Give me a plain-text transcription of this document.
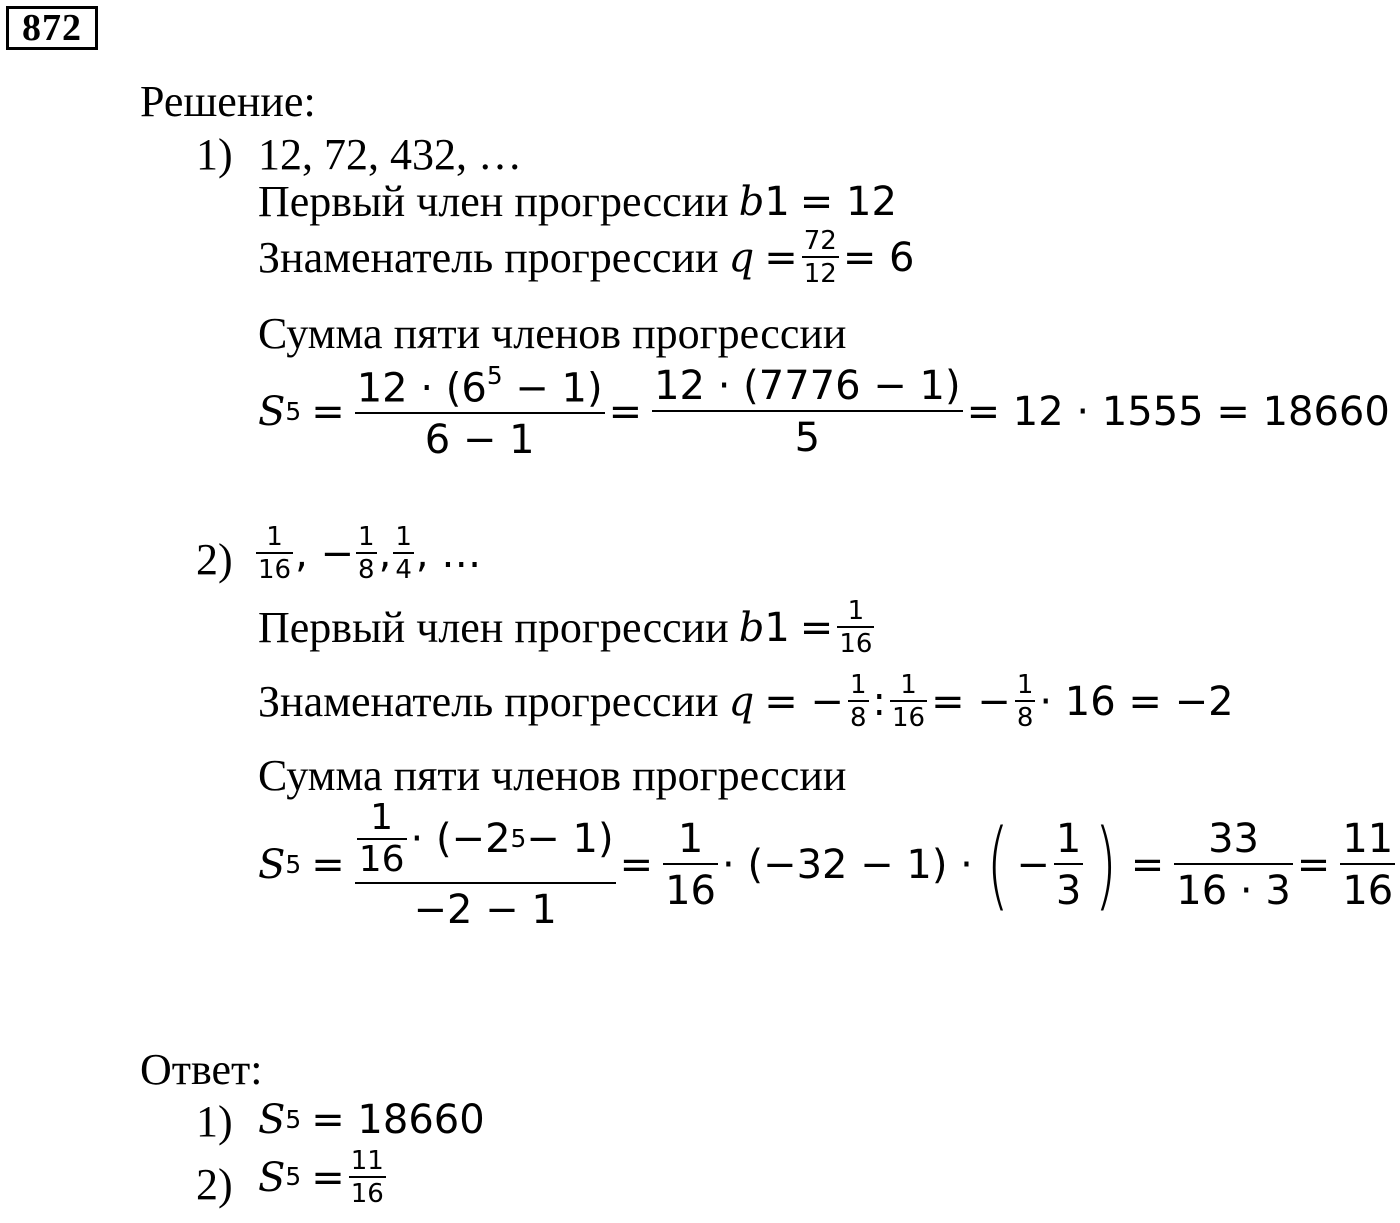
872
Решение:
1) 12, 72, 432, …
Первый член прогрессии b 1 = 12
Знаменатель прогрессии $q = \frac{72}{12} = 6$
Сумма пяти членов прогрессии
S $5 = \frac{12 \cdot (6^5 - 1)}{6 - 1} = \frac{12 \cdot (7776 - 1)}{5} = 12 \cdot 1555 = 18660$
$2) \frac{1}{16}$ , − $\frac{1}{8}$ , $\frac{1}{4}$ , …
Первый член прогрессии b $1 = \frac{1}{16}$
Знаменатель прогрессии q = − $\frac{1}{8}$ : $\frac{1}{16}$ = − $\frac{1}{8} \cdot 16 = -2$
Сумма пяти членов прогрессии
S $5 = \frac{\frac{1}{16} \cdot (-2 5 - 1)}{-2 - 1} = \frac{1}{16} \cdot (-32 - 1)$ · ( − $\frac{1}{3}$ ) = $\frac{33}{16 \cdot 3} = \frac{11}{16}$
Ответ:
1) S 5 = 18660
2) S $5 = \frac{11}{16}$
